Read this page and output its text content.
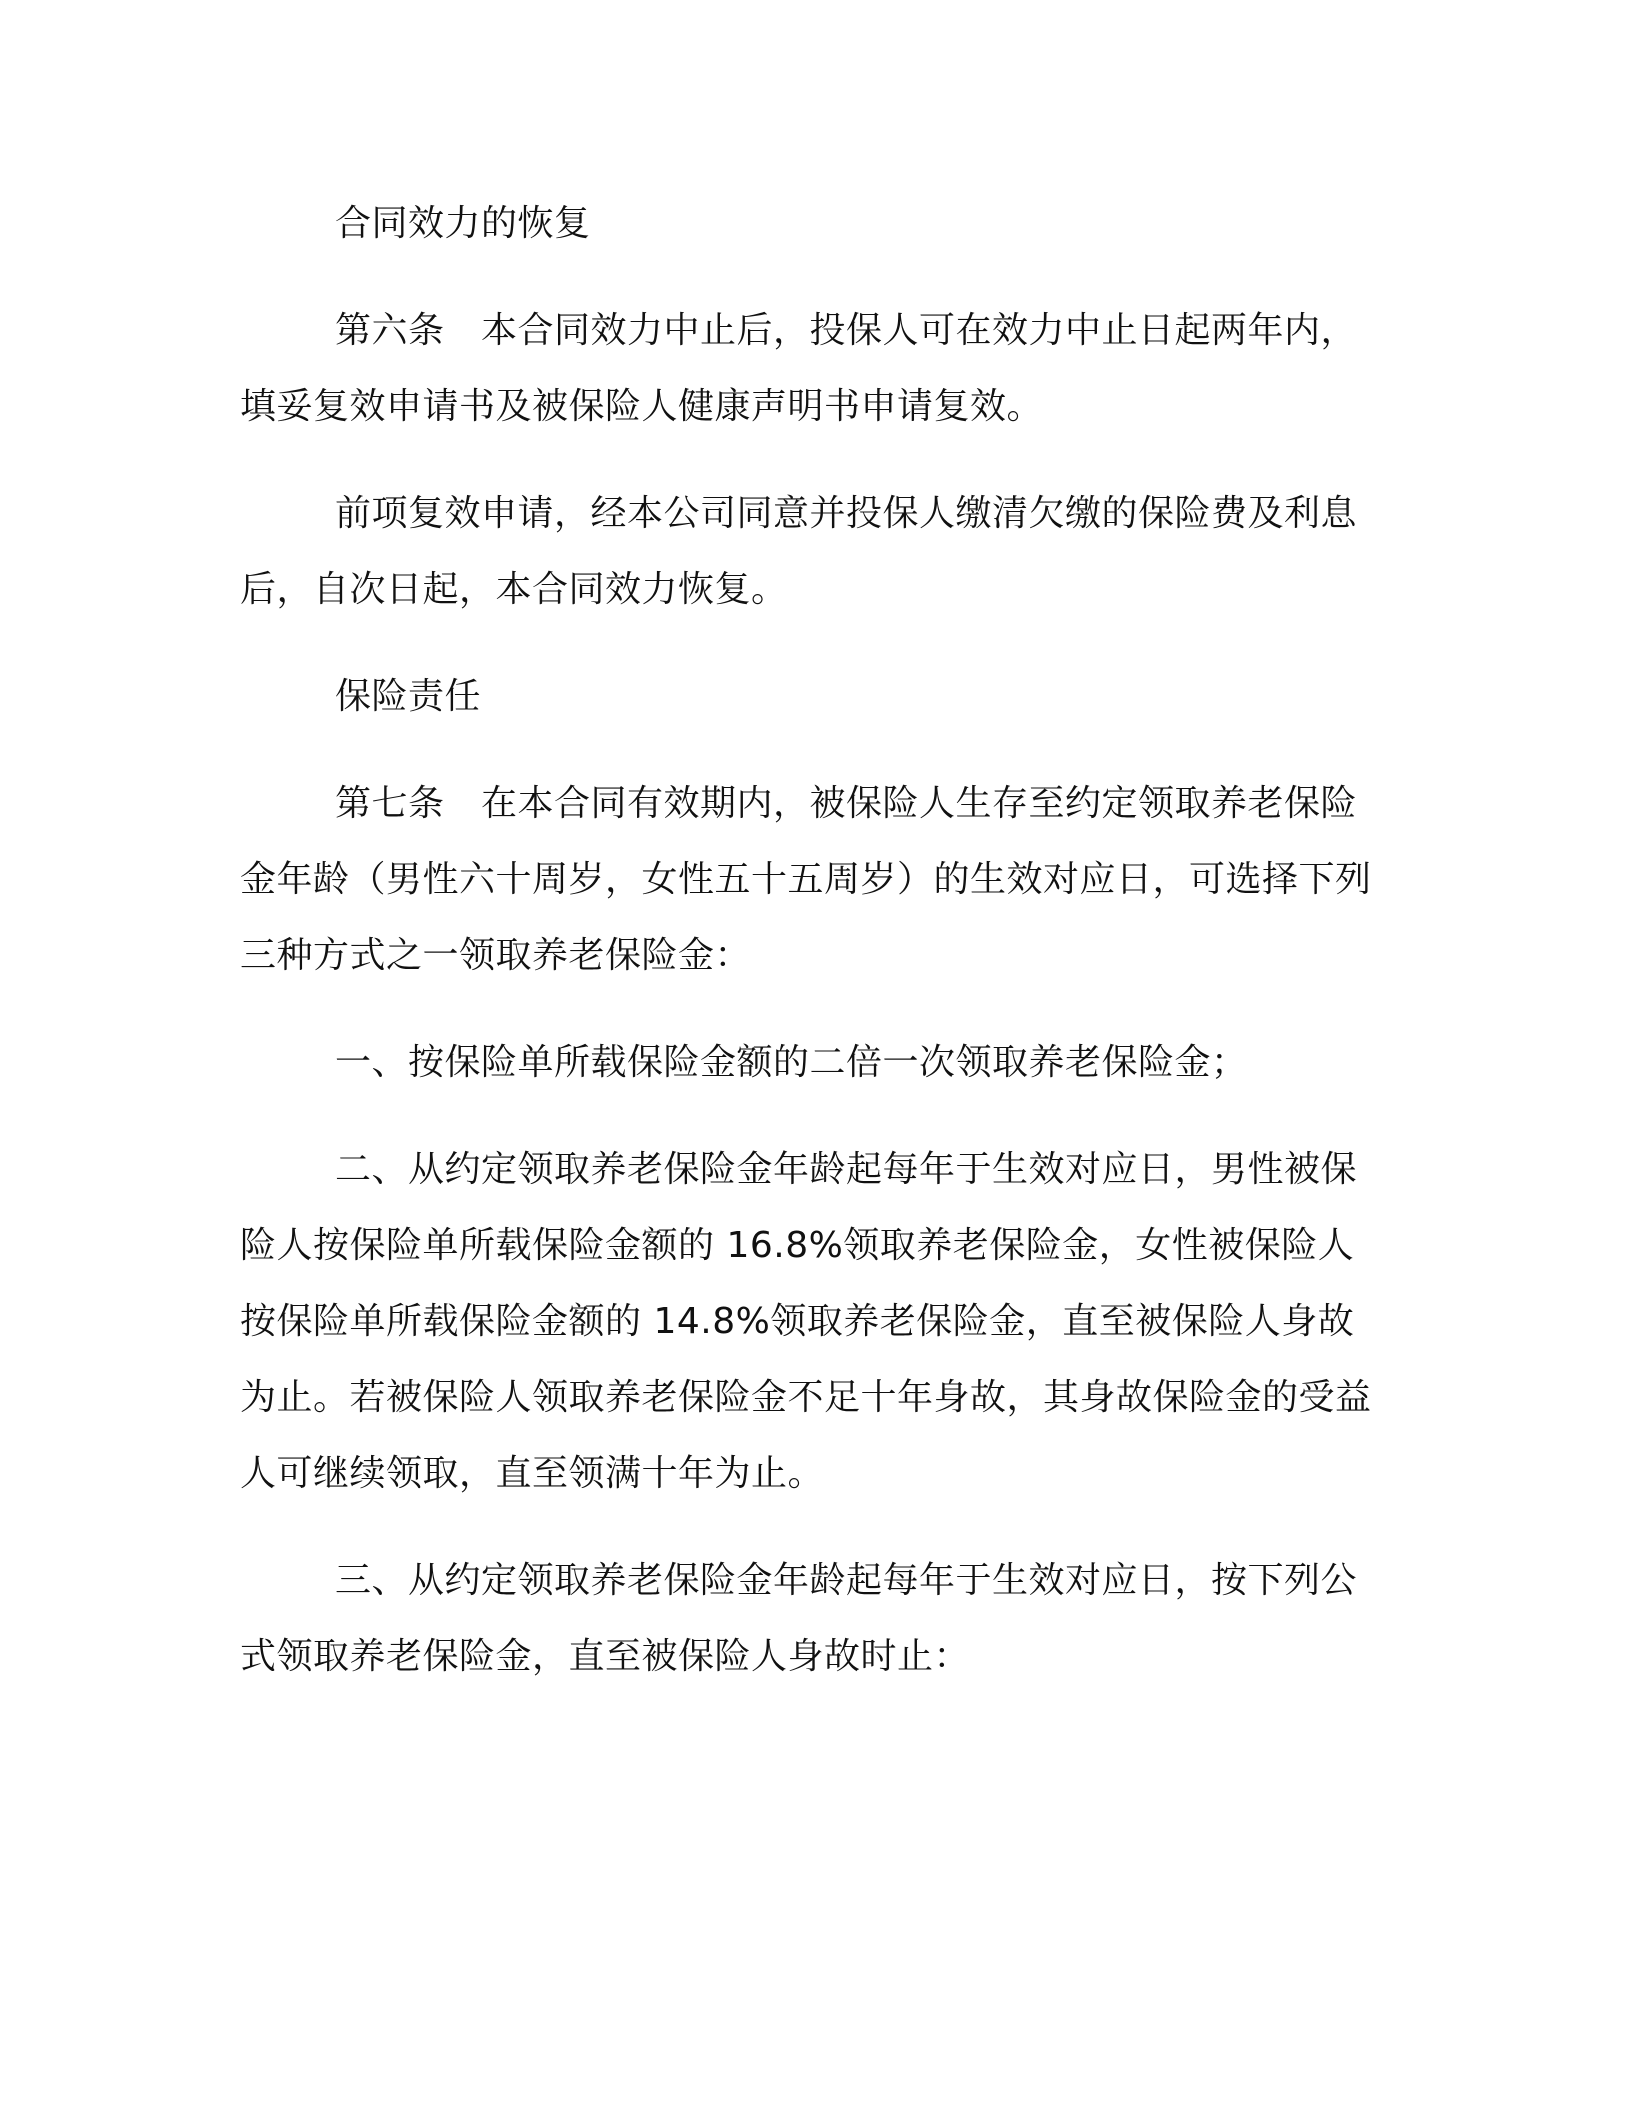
合同效力的恢复

第六条　本合同效力中止后，投保人可在效力中止日起两年内，填妥复效申请书及被保险人健康声明书申请复效。

前项复效申请，经本公司同意并投保人缴清欠缴的保险费及利息后，自次日起，本合同效力恢复。

保险责任

第七条　在本合同有效期内，被保险人生存至约定领取养老保险金年龄（男性六十周岁，女性五十五周岁）的生效对应日，可选择下列三种方式之一领取养老保险金：

一、按保险单所载保险金额的二倍一次领取养老保险金；

二、从约定领取养老保险金年龄起每年于生效对应日，男性被保险人按保险单所载保险金额的 16.8%领取养老保险金，女性被保险人按保险单所载保险金额的 14.8%领取养老保险金，直至被保险人身故为止。若被保险人领取养老保险金不足十年身故，其身故保险金的受益人可继续领取，直至领满十年为止。

三、从约定领取养老保险金年龄起每年于生效对应日，按下列公式领取养老保险金，直至被保险人身故时止：
